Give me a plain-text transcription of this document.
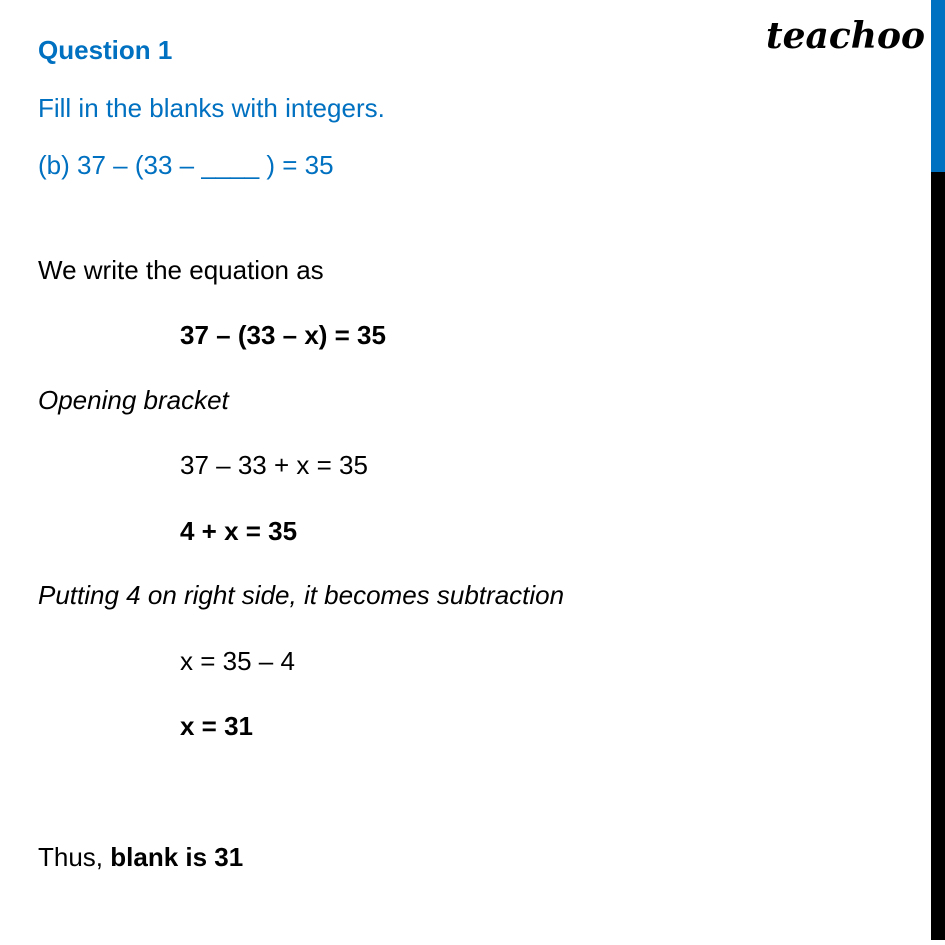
teachoo
Question 1
Fill in the blanks with integers.
(b) 37 – (33 – ____ ) = 35
We write the equation as
37 – (33 – x) = 35
Opening bracket
37 – 33 + x = 35
4 + x = 35
Putting 4 on right side, it becomes subtraction
x = 35 – 4
x = 31
Thus, blank is 31
